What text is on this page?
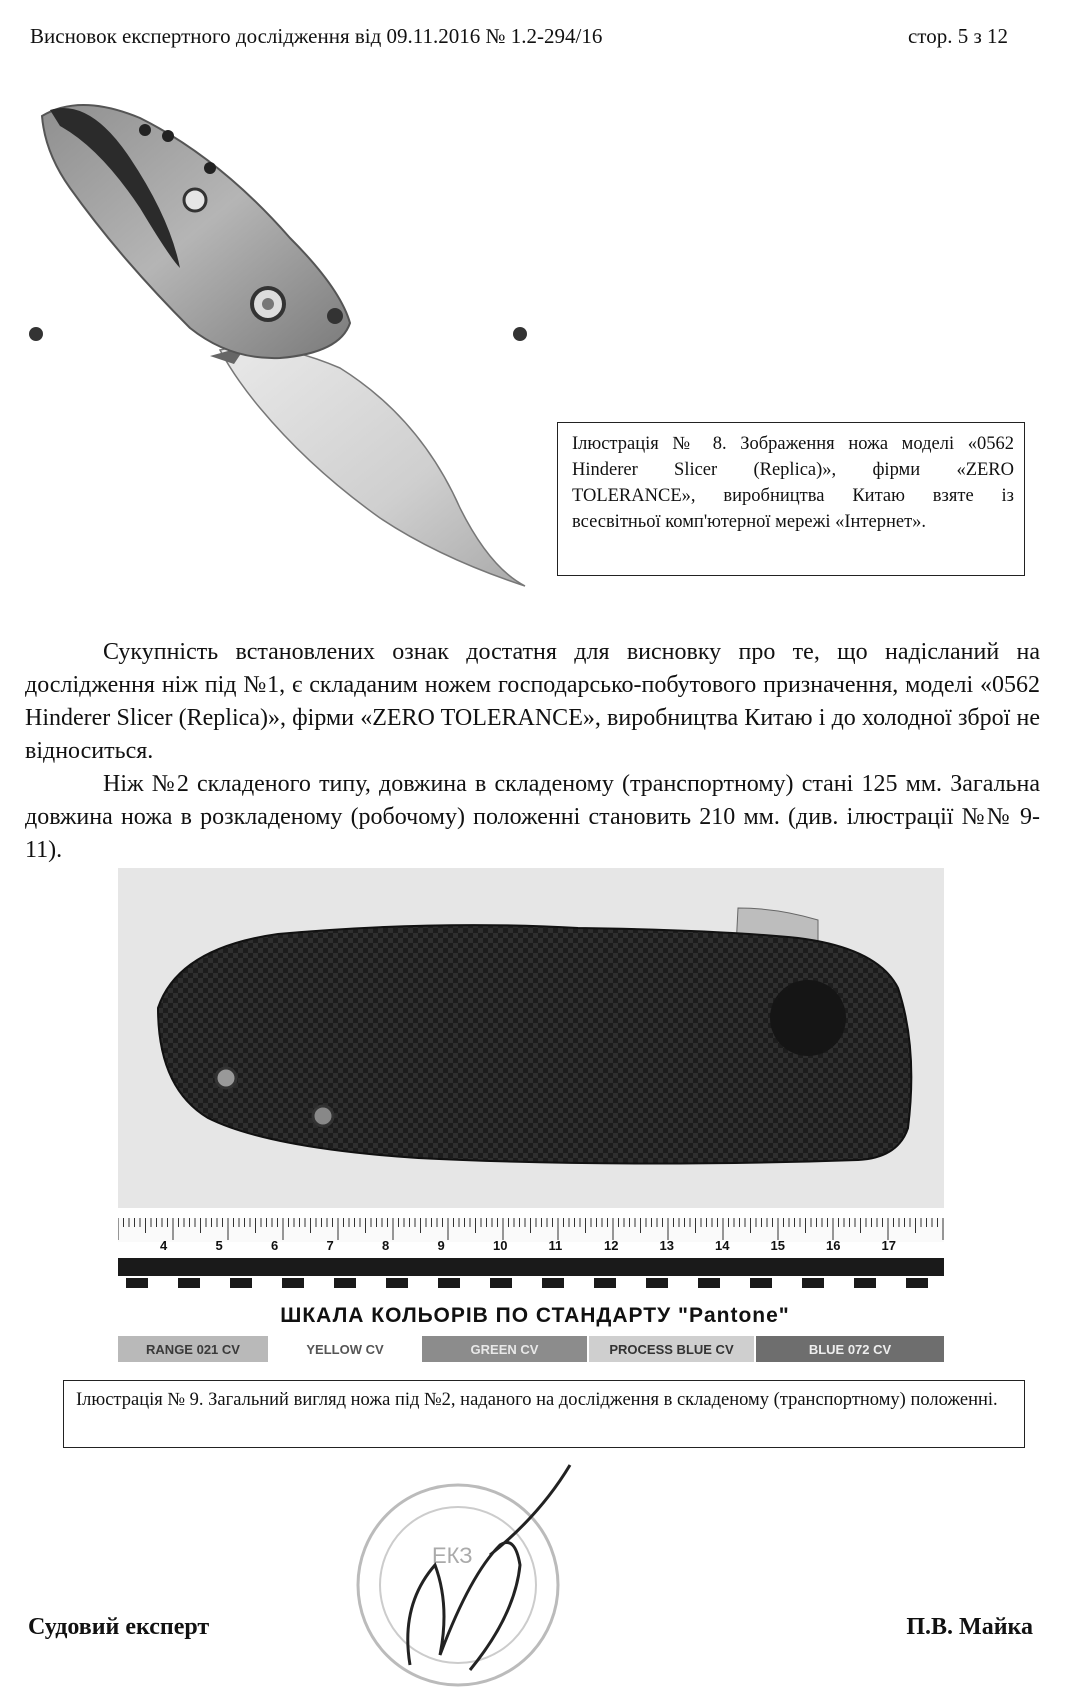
Висновок експертного дослідження від 09.11.2016 № 1.2-294/16	стор. 5 з 12
Ілюстрація № 8. Зображення ножа моделі «0562 Hinderer Slicer (Replica)», фірми «ZERO TOLERANCE», виробництва Китаю взяте із всесвітньої комп'ютерної мережі «Інтернет».

Сукупність встановлених ознак достатня для висновку про те, що надісланий на дослідження ніж під №1, є складаним ножем господарсько-побутового призначення, моделі «0562 Hinderer Slicer (Replica)», фірми «ZERO TOLERANCE», виробництва Китаю і до холодної зброї не відноситься.

Ніж №2 складеного типу, довжина в складеному (транспортному) стані 125 мм. Загальна довжина ножа в розкладеному (робочому) положенні становить 210 мм. (див. ілюстрації №№ 9-11).

4	5	6	7	8	9	10	11	12	13	14	15	16	17
ШКАЛА КОЛЬОРІВ ПО СТАНДАРТУ "Pantone"
RANGE 021 CV	YELLOW CV	GREEN CV	PROCESS BLUE CV	BLUE 072 CV
Ілюстрація № 9. Загальний вигляд ножа під №2, наданого на дослідження в складеному (транспортному) положенні.
ЕКЗ
Судовий експерт	П.В. Майка
